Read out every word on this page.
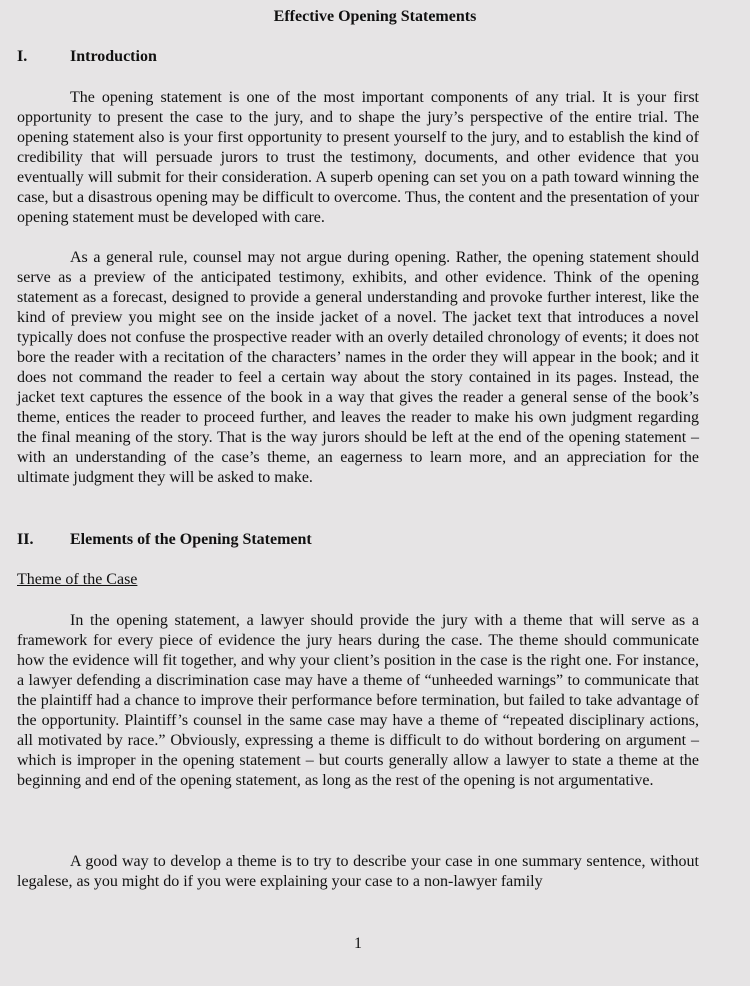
Effective Opening Statements

I.	Introduction

The opening statement is one of the most important components of any trial. It is your first opportunity to present the case to the jury, and to shape the jury’s perspective of the entire trial. The opening statement also is your first opportunity to present yourself to the jury, and to establish the kind of credibility that will persuade jurors to trust the testimony, documents, and other evidence that you eventually will submit for their consideration. A superb opening can set you on a path toward winning the case, but a disastrous opening may be difficult to overcome. Thus, the content and the presentation of your opening statement must be developed with care.

As a general rule, counsel may not argue during opening. Rather, the opening statement should serve as a preview of the anticipated testimony, exhibits, and other evidence. Think of the opening statement as a forecast, designed to provide a general understanding and provoke further interest, like the kind of preview you might see on the inside jacket of a novel. The jacket text that introduces a novel typically does not confuse the prospective reader with an overly detailed chronology of events; it does not bore the reader with a recitation of the characters’ names in the order they will appear in the book; and it does not command the reader to feel a certain way about the story contained in its pages. Instead, the jacket text captures the essence of the book in a way that gives the reader a general sense of the book’s theme, entices the reader to proceed further, and leaves the reader to make his own judgment regarding the final meaning of the story. That is the way jurors should be left at the end of the opening statement – with an understanding of the case’s theme, an eagerness to learn more, and an appreciation for the ultimate judgment they will be asked to make.

II. Elements of the Opening Statement

Theme of the Case

In the opening statement, a lawyer should provide the jury with a theme that will serve as a framework for every piece of evidence the jury hears during the case. The theme should communicate how the evidence will fit together, and why your client’s position in the case is the right one. For instance, a lawyer defending a discrimination case may have a theme of “unheeded warnings” to communicate that the plaintiff had a chance to improve their performance before termination, but failed to take advantage of the opportunity. Plaintiff’s counsel in the same case may have a theme of “repeated disciplinary actions, all motivated by race.” Obviously, expressing a theme is difficult to do without bordering on argument – which is improper in the opening statement – but courts generally allow a lawyer to state a theme at the beginning and end of the opening statement, as long as the rest of the opening is not argumentative.

A good way to develop a theme is to try to describe your case in one summary sentence, without legalese, as you might do if you were explaining your case to a non-lawyer family

1
